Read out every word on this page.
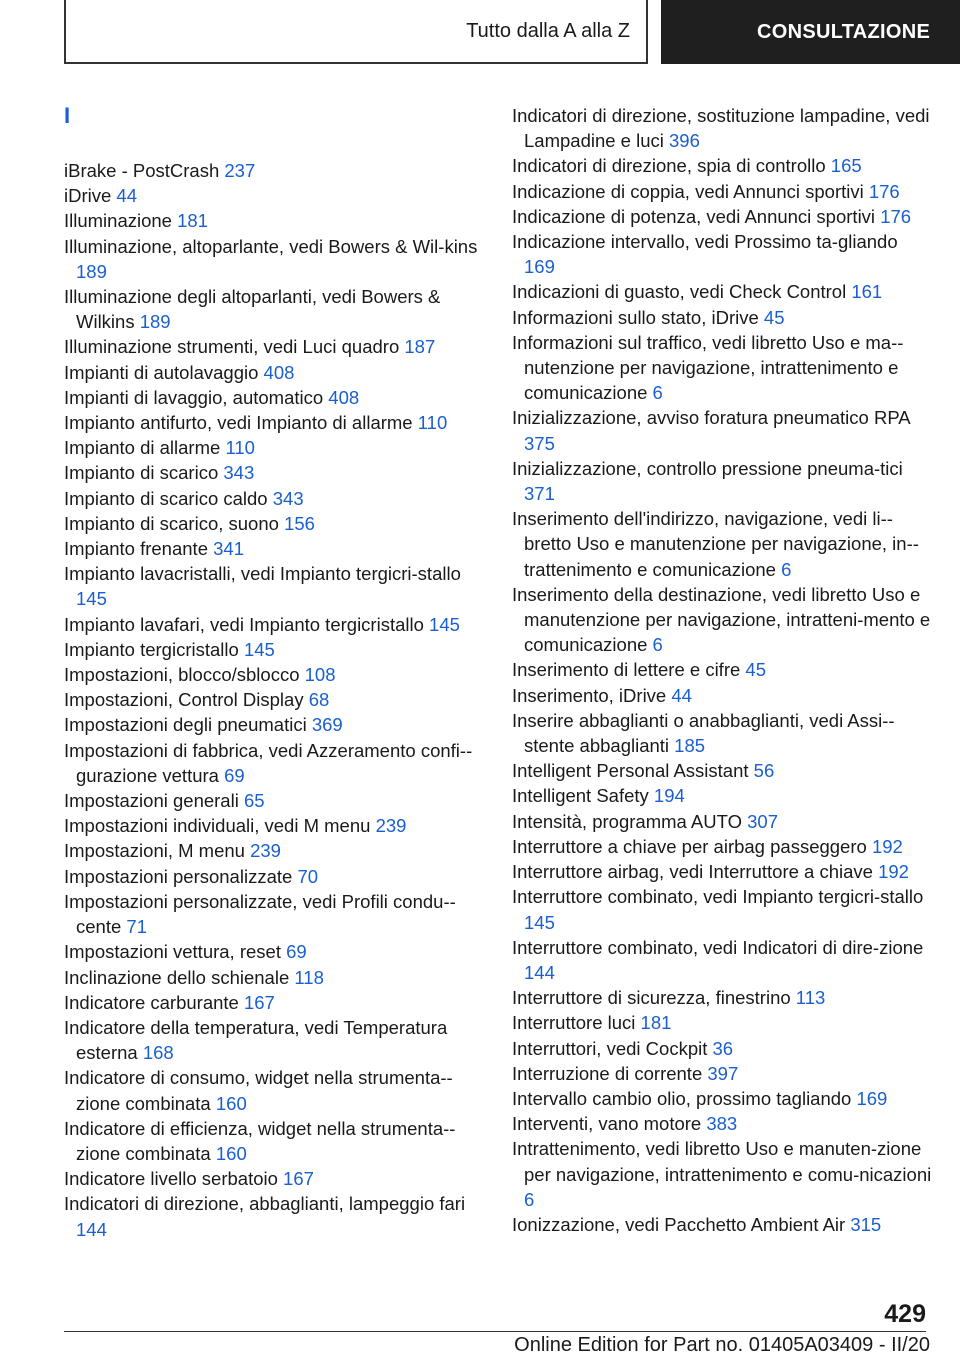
Tutto dalla A alla Z	CONSULTAZIONE
I

iBrake - PostCrash 237

iDrive 44

Illuminazione 181

Illuminazione, altoparlante, vedi Bowers & Wil-kins 189

Illuminazione degli altoparlanti, vedi Bowers & Wilkins 189

Illuminazione strumenti, vedi Luci quadro 187

Impianti di autolavaggio 408

Impianti di lavaggio, automatico 408

Impianto antifurto, vedi Impianto di allarme 110

Impianto di allarme 110

Impianto di scarico 343

Impianto di scarico caldo 343

Impianto di scarico, suono 156

Impianto frenante 341

Impianto lavacristalli, vedi Impianto tergicri-stallo 145

Impianto lavafari, vedi Impianto tergicristallo 145

Impianto tergicristallo 145

Impostazioni, blocco/sblocco 108

Impostazioni, Control Display 68

Impostazioni degli pneumatici 369

Impostazioni di fabbrica, vedi Azzeramento confi-gurazione vettura 69

Impostazioni generali 65

Impostazioni individuali, vedi M menu 239

Impostazioni, M menu 239

Impostazioni personalizzate 70

Impostazioni personalizzate, vedi Profili condu-cente 71

Impostazioni vettura, reset 69

Inclinazione dello schienale 118

Indicatore carburante 167

Indicatore della temperatura, vedi Temperatura esterna 168

Indicatore di consumo, widget nella strumenta-zione combinata 160

Indicatore di efficienza, widget nella strumenta-zione combinata 160

Indicatore livello serbatoio 167

Indicatori di direzione, abbaglianti, lampeggio fari 144

Indicatori di direzione, sostituzione lampadine, vedi Lampadine e luci 396

Indicatori di direzione, spia di controllo 165

Indicazione di coppia, vedi Annunci sportivi 176

Indicazione di potenza, vedi Annunci sportivi 176

Indicazione intervallo, vedi Prossimo ta-gliando 169

Indicazioni di guasto, vedi Check Control 161

Informazioni sullo stato, iDrive 45

Informazioni sul traffico, vedi libretto Uso e ma-nutenzione per navigazione, intrattenimento e comunicazione 6

Inizializzazione, avviso foratura pneumatico RPA 375

Inizializzazione, controllo pressione pneuma-tici 371

Inserimento dell'indirizzo, navigazione, vedi li-bretto Uso e manutenzione per navigazione, in-trattenimento e comunicazione 6

Inserimento della destinazione, vedi libretto Uso e manutenzione per navigazione, intratteni-mento e comunicazione 6

Inserimento di lettere e cifre 45

Inserimento, iDrive 44

Inserire abbaglianti o anabbaglianti, vedi Assi-stente abbaglianti 185

Intelligent Personal Assistant 56

Intelligent Safety 194

Intensità, programma AUTO 307

Interruttore a chiave per airbag passeggero 192

Interruttore airbag, vedi Interruttore a chiave 192

Interruttore combinato, vedi Impianto tergicri-stallo 145

Interruttore combinato, vedi Indicatori di dire-zione 144

Interruttore di sicurezza, finestrino 113

Interruttore luci 181

Interruttori, vedi Cockpit 36

Interruzione di corrente 397

Intervallo cambio olio, prossimo tagliando 169

Interventi, vano motore 383

Intrattenimento, vedi libretto Uso e manuten-zione per navigazione, intrattenimento e comu-nicazioni 6

Ionizzazione, vedi Pacchetto Ambient Air 315

429
Online Edition for Part no. 01405A03409 - II/20
